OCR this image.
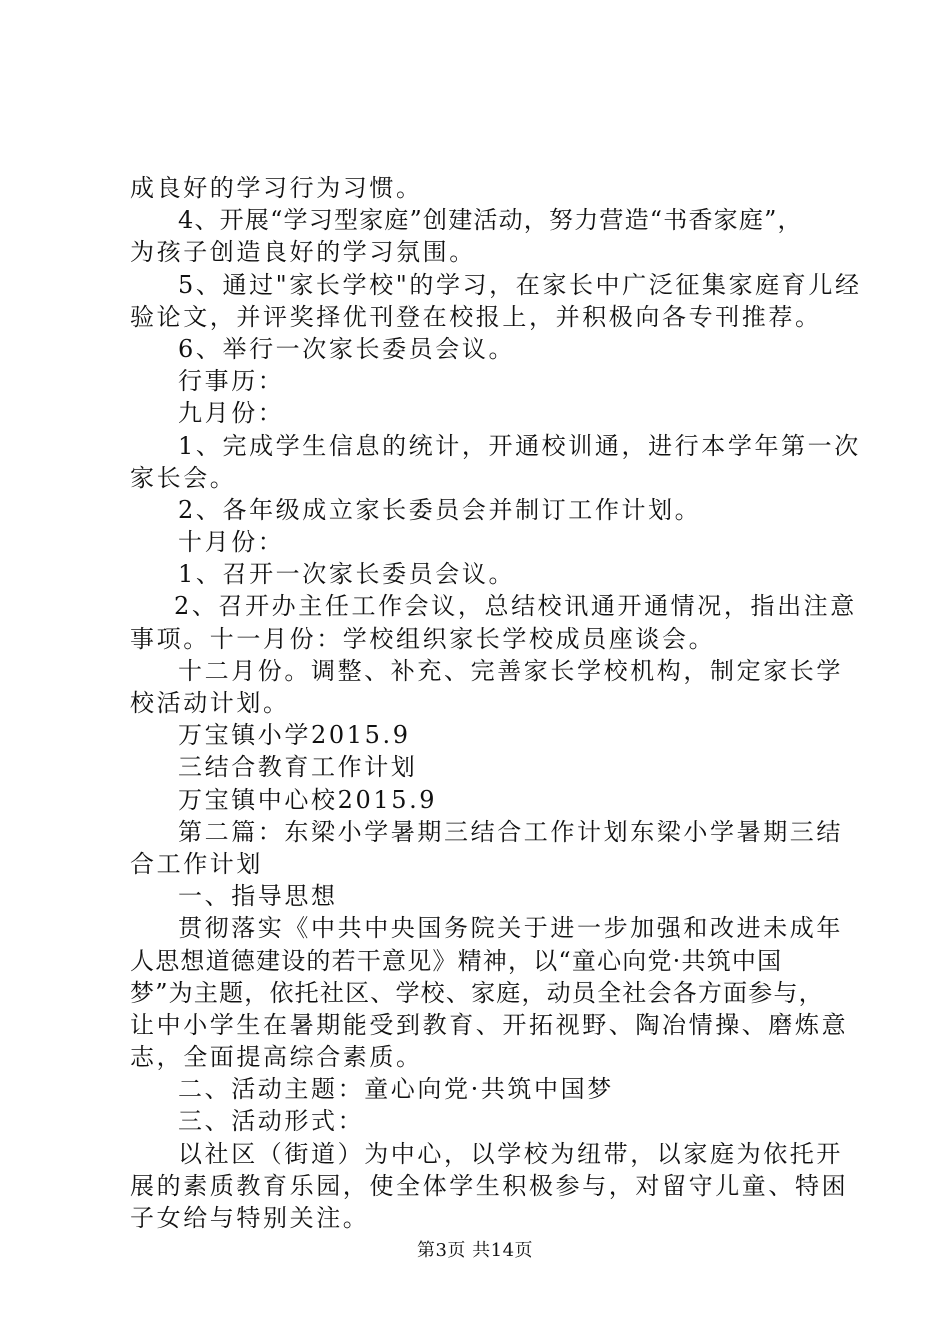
成良好的学习行为习惯。
4、开展“学习型家庭”创建活动，努力营造“书香家庭”，
为孩子创造良好的学习氛围。
5、通过"家长学校"的学习，在家长中广泛征集家庭育儿经
验论文，并评奖择优刊登在校报上，并积极向各专刊推荐。
6、举行一次家长委员会议。
行事历：
九月份：
1、完成学生信息的统计，开通校训通，进行本学年第一次
家长会。
2、各年级成立家长委员会并制订工作计划。
十月份：
1、召开一次家长委员会议。
2、召开办主任工作会议，总结校讯通开通情况，指出注意
事项。十一月份：学校组织家长学校成员座谈会。
十二月份。调整、补充、完善家长学校机构，制定家长学
校活动计划。
万宝镇小学2015.9
三结合教育工作计划
万宝镇中心校2015.9
第二篇：东梁小学暑期三结合工作计划东梁小学暑期三结
合工作计划
一、指导思想
贯彻落实《中共中央国务院关于进一步加强和改进未成年
人思想道德建设的若干意见》精神，以“童心向党·共筑中国
梦”为主题，依托社区、学校、家庭，动员全社会各方面参与，
让中小学生在暑期能受到教育、开拓视野、陶冶情操、磨炼意
志，全面提高综合素质。
二、活动主题：童心向党·共筑中国梦
三、活动形式：
以社区（街道）为中心，以学校为纽带，以家庭为依托开
展的素质教育乐园，使全体学生积极参与，对留守儿童、特困
子女给与特别关注。
第3页 共14页
